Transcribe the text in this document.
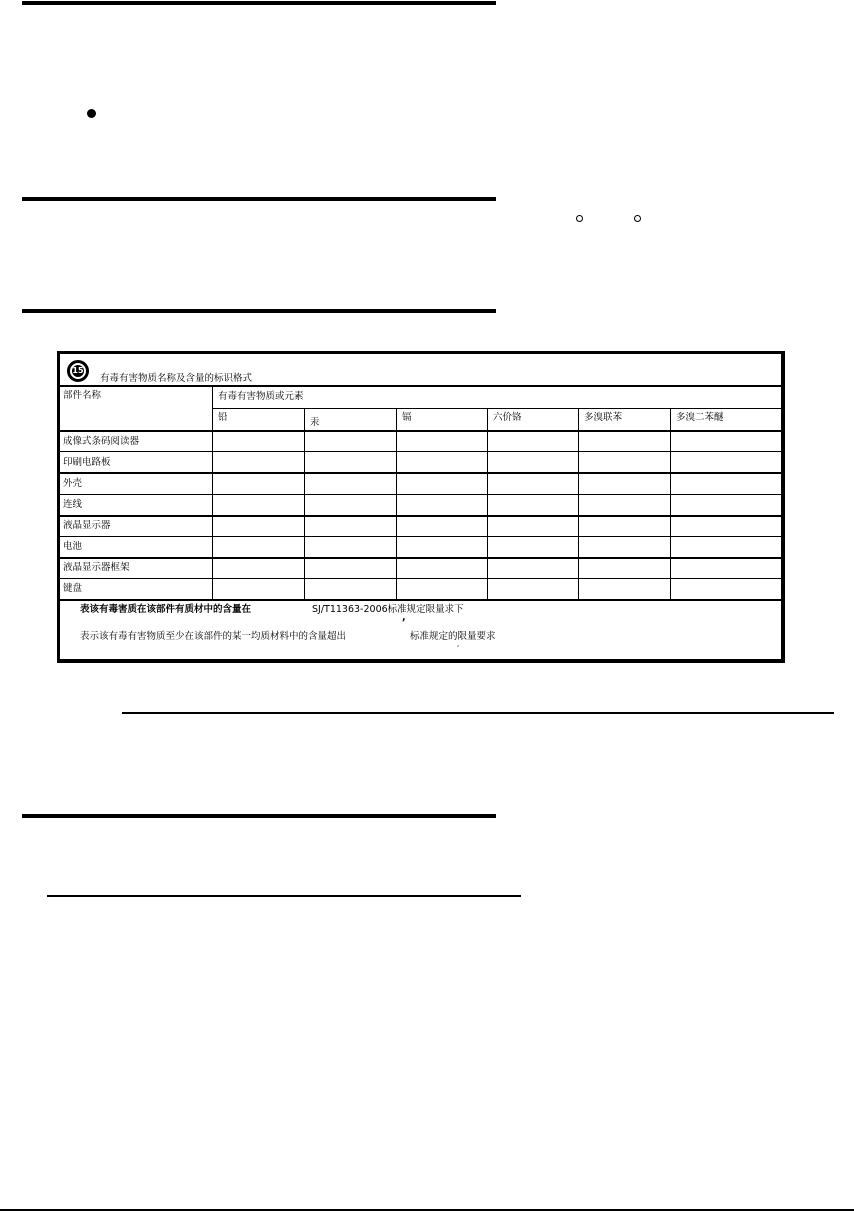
15
有毒有害物质名称及含量的标识格式
部件名称	有毒有害物质或元素
铅	汞	镉	六价铬	多溴联苯	多溴二苯醚
成像式条码阅读器
印刷电路板
外壳
连线
液晶显示器
电池
液晶显示器框架
键盘
表该有毒害质在该部件有质材中的含量在	SJ/T11363-2006标准规定限量求下
,
表示该有毒有害物质至少在该部件的某一均质材料中的含量超出	标准规定的限量要求
,
